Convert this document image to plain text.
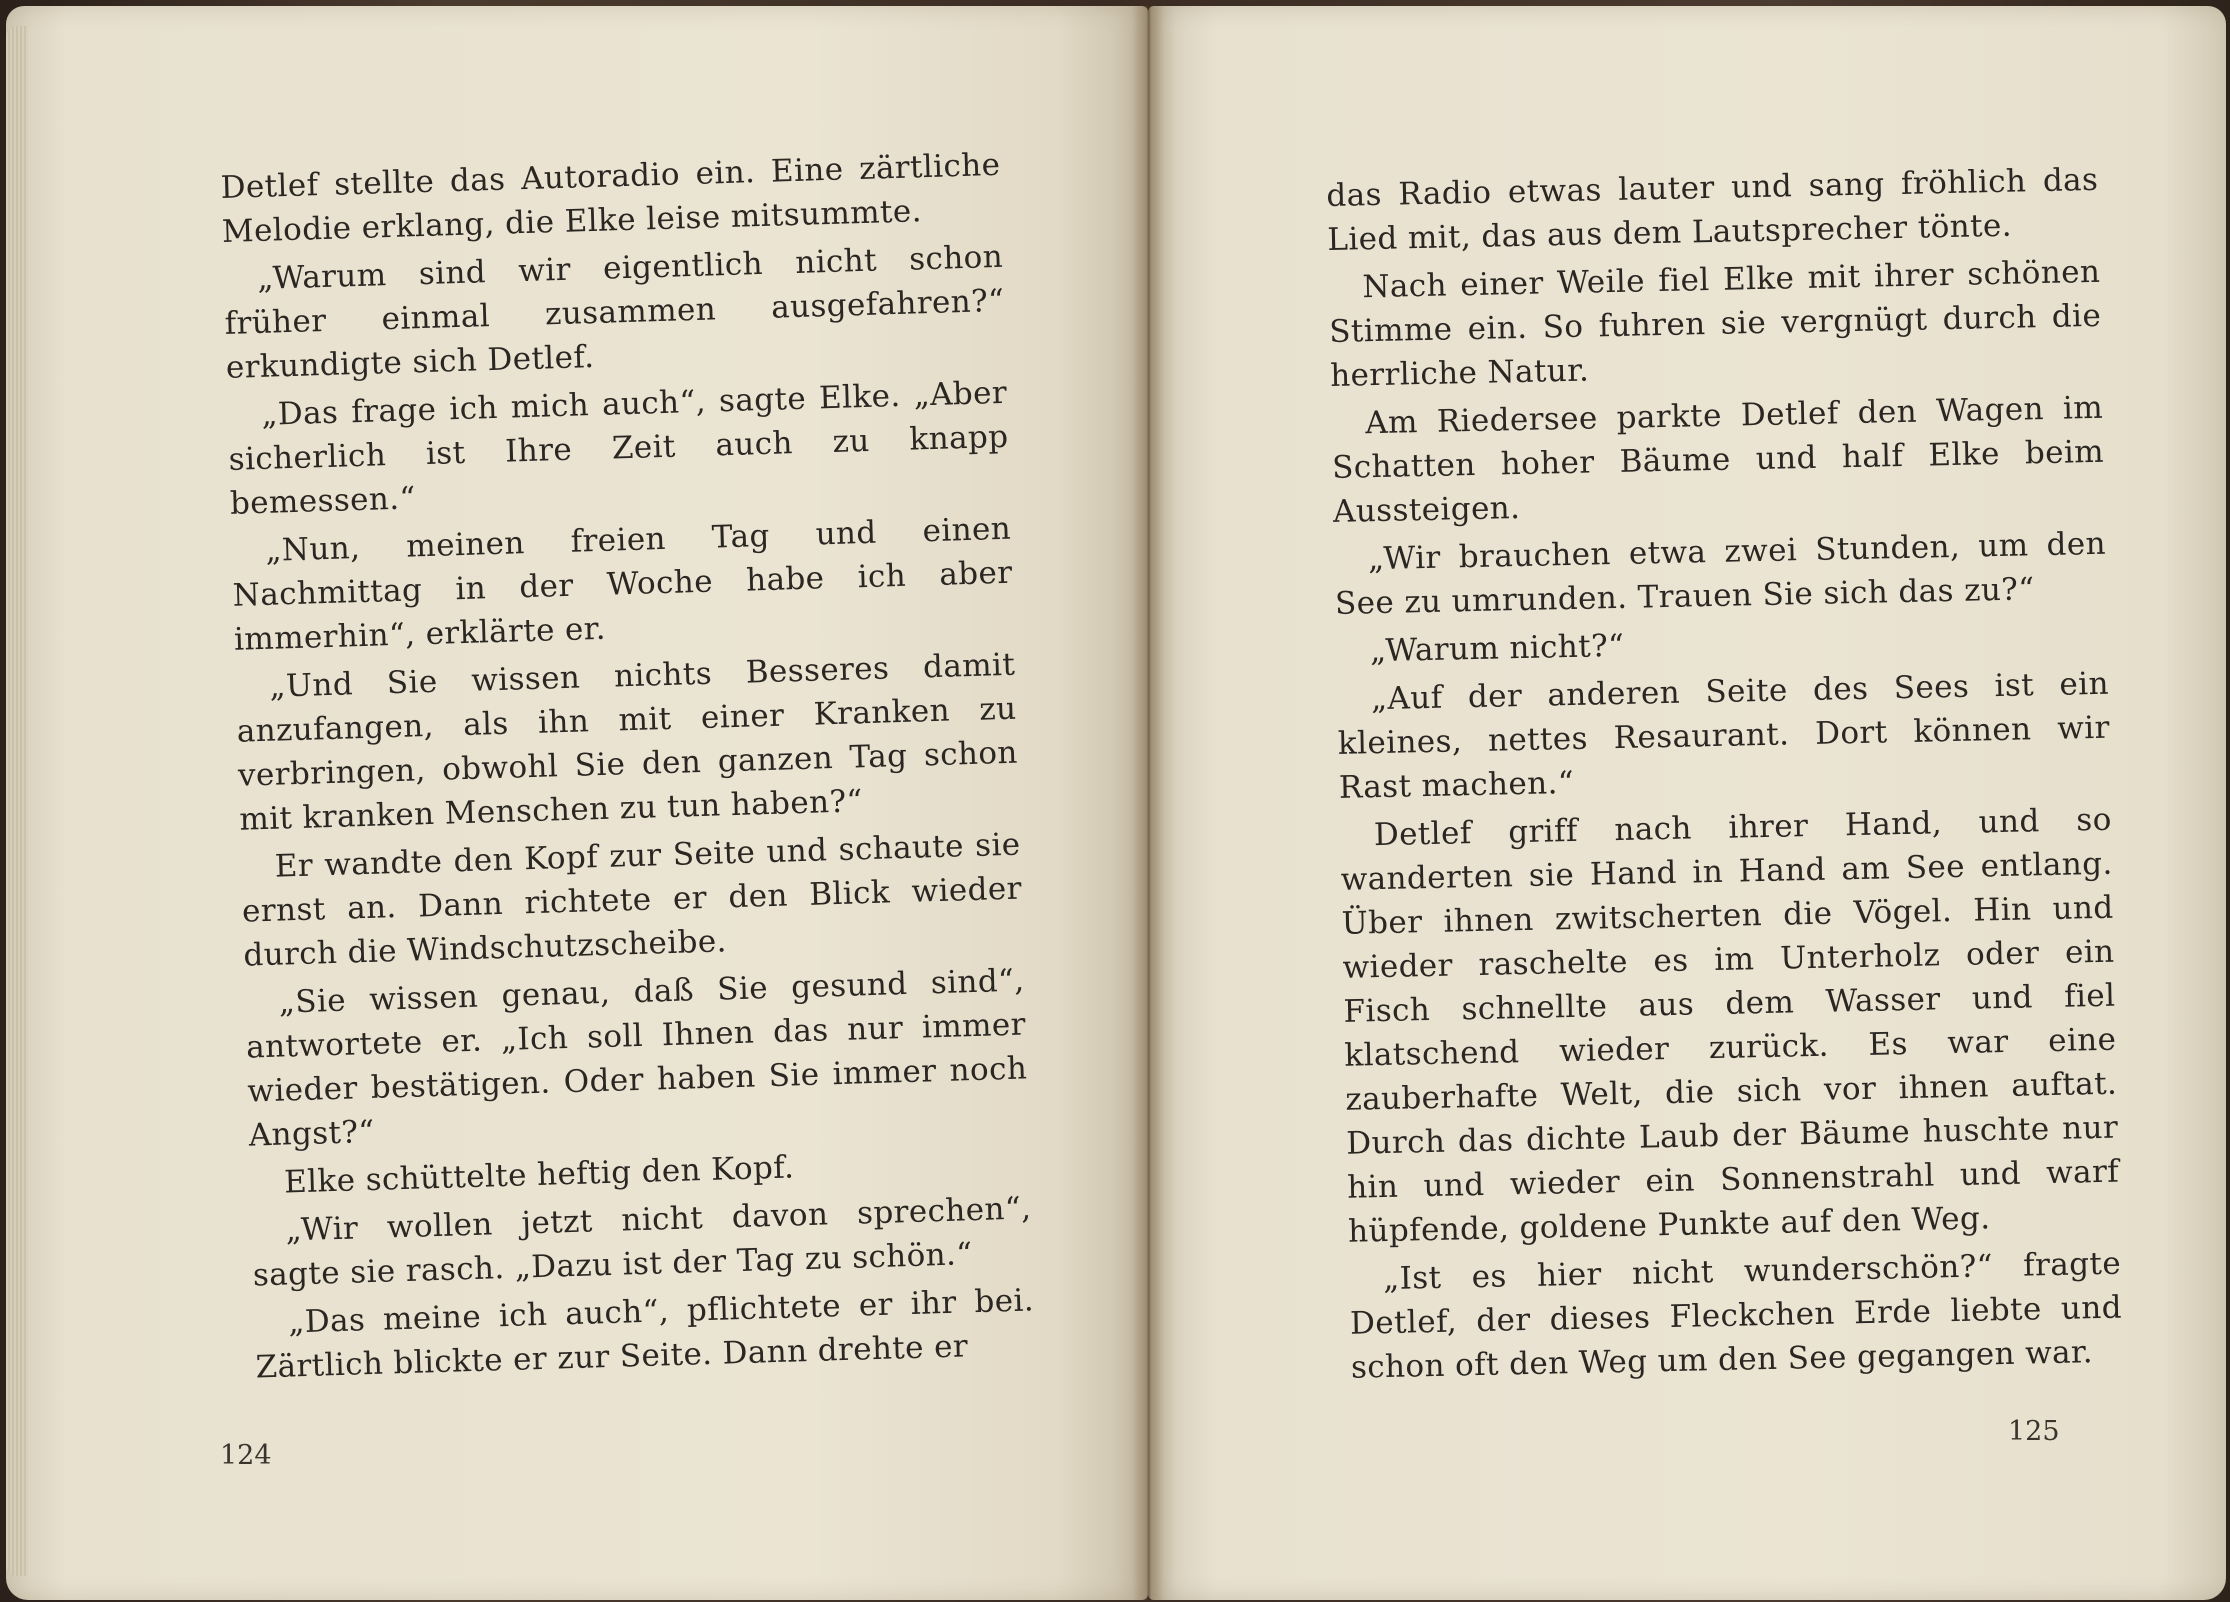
Detlef stellte das Autoradio ein. Eine zärtliche Melodie erklang, die Elke leise mitsummte.

„Warum sind wir eigentlich nicht schon früher einmal zusammen ausgefahren?“ erkundigte sich Detlef.

„Das frage ich mich auch“, sagte Elke. „Aber sicherlich ist Ihre Zeit auch zu knapp bemessen.“

„Nun, meinen freien Tag und einen Nachmittag in der Woche habe ich aber immerhin“, erklärte er.

„Und Sie wissen nichts Besseres damit anzufangen, als ihn mit einer Kranken zu verbringen, obwohl Sie den ganzen Tag schon mit kranken Menschen zu tun haben?“

Er wandte den Kopf zur Seite und schaute sie ernst an. Dann richtete er den Blick wieder durch die Windschutzscheibe.

„Sie wissen genau, daß Sie gesund sind“, antwortete er. „Ich soll Ihnen das nur immer wieder bestätigen. Oder haben Sie immer noch Angst?“

Elke schüttelte heftig den Kopf.

„Wir wollen jetzt nicht davon sprechen“, sagte sie rasch. „Dazu ist der Tag zu schön.“

„Das meine ich auch“, pflichtete er ihr bei. Zärtlich blickte er zur Seite. Dann drehte er

124

das Radio etwas lauter und sang fröhlich das Lied mit, das aus dem Lautsprecher tönte.

Nach einer Weile fiel Elke mit ihrer schönen Stimme ein. So fuhren sie vergnügt durch die herrliche Natur.

Am Riedersee parkte Detlef den Wagen im Schatten hoher Bäume und half Elke beim Aussteigen.

„Wir brauchen etwa zwei Stunden, um den See zu umrunden. Trauen Sie sich das zu?“

„Warum nicht?“

„Auf der anderen Seite des Sees ist ein kleines, nettes Resaurant. Dort können wir Rast machen.“

Detlef griff nach ihrer Hand, und so wanderten sie Hand in Hand am See entlang. Über ihnen zwitscherten die Vögel. Hin und wieder raschelte es im Unterholz oder ein Fisch schnellte aus dem Wasser und fiel klatschend wieder zurück. Es war eine zauberhafte Welt, die sich vor ihnen auftat. Durch das dichte Laub der Bäume huschte nur hin und wieder ein Sonnenstrahl und warf hüpfende, goldene Punkte auf den Weg.

„Ist es hier nicht wunderschön?“ fragte Detlef, der dieses Fleckchen Erde liebte und schon oft den Weg um den See gegangen war.

125
